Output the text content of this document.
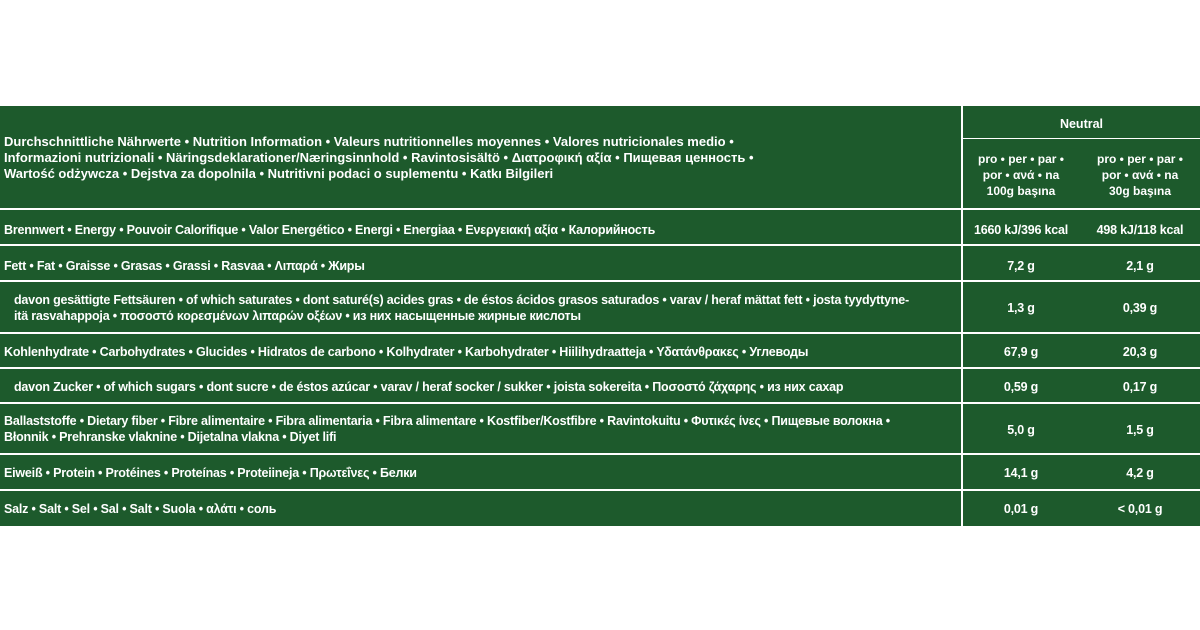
Durchschnittliche Nährwerte • Nutrition Information • Valeurs nutritionnelles moyennes • Valores nutricionales medio •
Informazioni nutrizionali • Näringsdeklarationer/Næringsinnhold • Ravintosisältö • Διατροφική αξία • Пищевая ценность •
Wartość odżywcza • Dejstva za dopolnila • Nutritivni podaci o suplementu • Katkı Bilgileri
Neutral
pro • per • par •
por • ανά • na
100g başına
pro • per • par •
por • ανά • na
30g başına
Brennwert • Energy • Pouvoir Calorifique • Valor Energético • Energi • Energiaa • Ενεργειακή αξία • Калорийность	1660 kJ/396 kcal	498 kJ/118 kcal
Fett • Fat • Graisse • Grasas • Grassi • Rasvaa • Λιπαρά • Жиры	7,2 g	2,1 g
davon gesättigte Fettsäuren • of which saturates • dont saturé(s) acides gras • de éstos ácidos grasos saturados • varav / heraf mättat fett • josta tyydyttyne-
itä rasvahappoja • ποσοστό κορεσμένων λιπαρών οξέων • из них насыщенные жирные кислоты
1,3 g	0,39 g
Kohlenhydrate • Carbohydrates • Glucides • Hidratos de carbono • Kolhydrater • Karbohydrater • Hiilihydraatteja • Υδατάνθρακες • Углеводы	67,9 g	20,3 g
davon Zucker • of which sugars • dont sucre • de éstos azúcar • varav / heraf socker / sukker • joista sokereita • Ποσοστό ζάχαρης • из них сахар	0,59 g	0,17 g
Ballaststoffe • Dietary fiber • Fibre alimentaire • Fibra alimentaria • Fibra alimentare • Kostfiber/Kostfibre • Ravintokuitu • Φυτικές ίνες • Пищевые волокна •
Błonnik • Prehranske vlaknine • Dijetalna vlakna • Diyet lifi	5,0 g	1,5 g
Eiweiß • Protein • Protéines • Proteínas • Proteiineja • Πρωτεΐνες • Белки	14,1 g	4,2 g
Salz • Salt • Sel • Sal • Salt • Suola • αλάτι • соль	0,01 g	< 0,01 g
